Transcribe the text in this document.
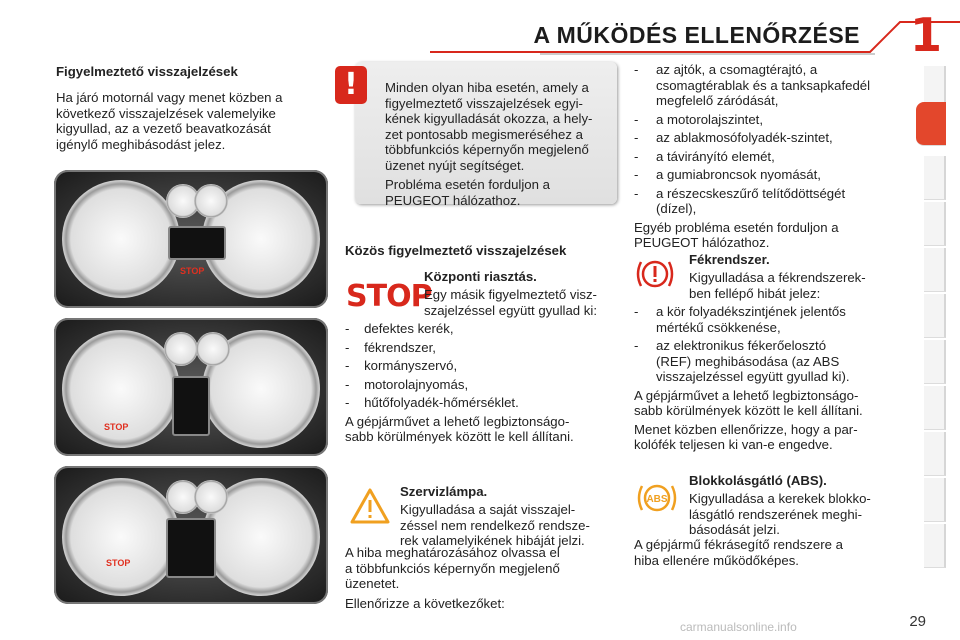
A MŰKÖDÉS ELLENŐRZÉSE 1
Figyelmeztető visszajelzések
Ha járó motornál vagy menet közben a
következő visszajelzések valemelyike
kigyullad, az a vezető beavatkozását
igénylő meghibásodást jelez.
STOP
STOP
STOP
!	Minden olyan hiba esetén, amely a
figyelmeztető visszajelzések egyi-
kének kigyulladását okozza, a hely-
zet pontosabb megismeréséhez a
többfunkciós képernyőn megjelenő
üzenet nyújt segítséget.
Probléma esetén forduljon a
PEUGEOT hálózathoz.
Közös figyelmeztető visszajelzések
STOP
Központi riasztás.
Egy másik figyelmeztető visz-
szajelzéssel együtt gyullad ki:
-    defektes kerék,
-    fékrendszer,
-    kormányszervó,
-    motorolajnyomás,
-    hűtőfolyadék-hőmérséklet.
A gépjárművet a lehető legbiztonságo-
sabb körülmények között le kell állítani.
Szervizlámpa.
Kigyulladása a saját visszajel-
zéssel nem rendelkező rendsze-
rek valamelyikének hibáját jelzi.
A hiba meghatározásához olvassa el
a többfunkciós képernyőn megjelenő
üzenetet.
Ellenőrizze a következőket:
-	az ajtók, a csomagtérajtó, a
csomagtérablak és a tanksapkafedél
megfelelő záródását,
-	a motorolajszintet,
-	az ablakmosófolyadék-szintet,
-	a távirányító elemét,
-	a gumiabroncsok nyomását,
-	a részecskeszűrő telítődöttségét
(dízel),
Egyéb probléma esetén forduljon a
PEUGEOT hálózathoz.
Fékrendszer.
Kigyulladása a fékrendszerek-
ben fellépő hibát jelez:
-	a kör folyadékszintjének jelentős
mértékű csökkenése,
-	az elektronikus fékerőelosztó
(REF) meghibásodása (az ABS
visszajelzéssel együtt gyullad ki).
A gépjárművet a lehető legbiztonságo-
sabb körülmények között le kell állítani.
Menet közben ellenőrizze, hogy a par-
kolófék teljesen ki van-e engedve.
ABS
Blokkolásgátló (ABS).
Kigyulladása a kerekek blokko-
lásgátló rendszerének meghi-
básodását jelzi.
A gépjármű fékrásegítő rendszere a
hiba ellenére működőképes.
29
carmanualsonline.info
